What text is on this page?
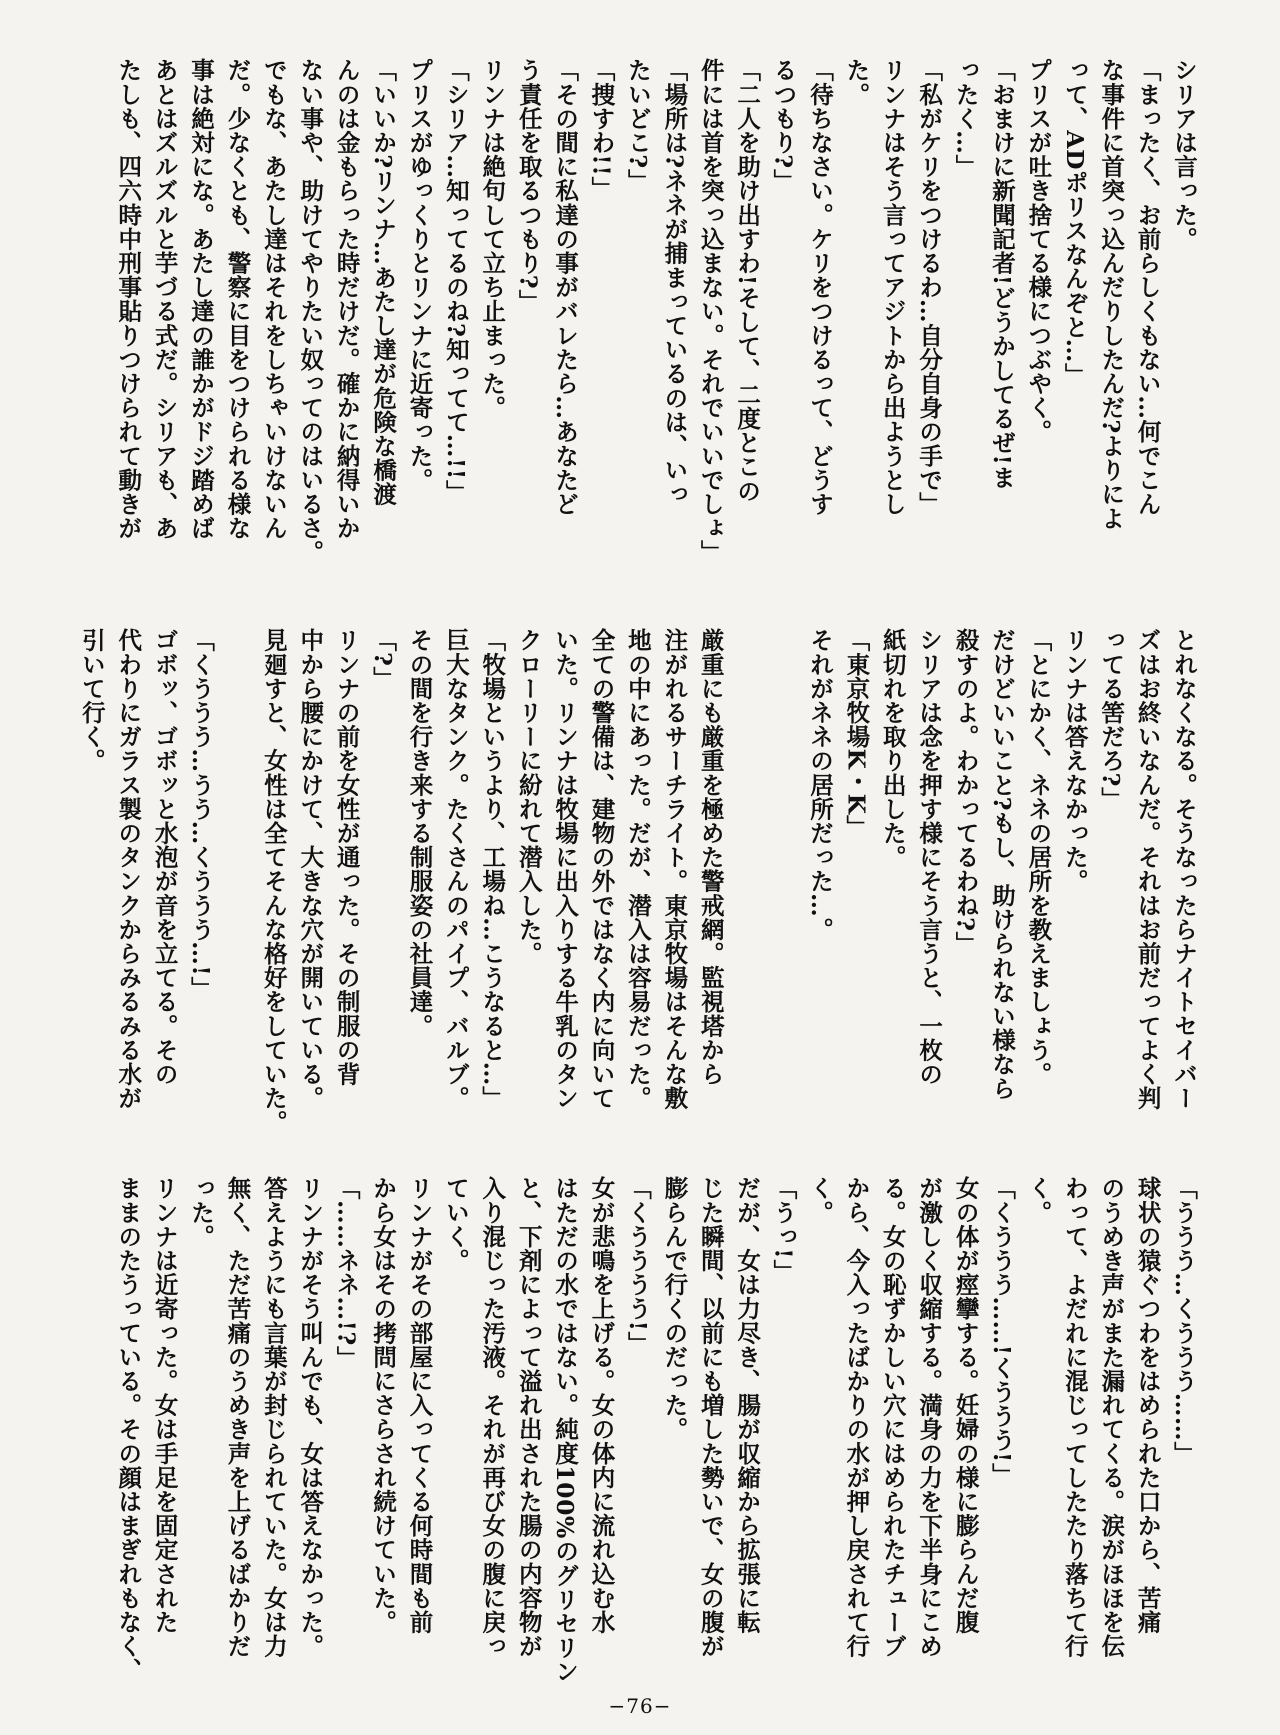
シリアは言った。
「まったく、お前らしくもない…何でこん
な事件に首突っ込んだりしたんだ?よりによ
って、ADポリスなんぞと…」
プリスが吐き捨てる様につぶやく。
「おまけに新聞記者!どうかしてるぜ!ま
ったく…」
「私がケリをつけるわ…自分自身の手で」
リンナはそう言ってアジトから出ようとし
た。
「待ちなさい。ケリをつけるって、どうす
るつもり?」
「二人を助け出すわ!そして、二度とこの
件には首を突っ込まない。それでいいでしょ」
「場所は?ネネが捕まっているのは、いっ
たいどこ?」
「捜すわ!!」
「その間に私達の事がバレたら…あなたど
う責任を取るつもり?」
リンナは絶句して立ち止まった。
「シリア…知ってるのね?知ってて…!!」
プリスがゆっくりとリンナに近寄った。
「いいか?リンナ…あたし達が危険な橋渡
んのは金もらった時だけだ。確かに納得いか
ない事や、助けてやりたい奴ってのはいるさ。
でもな、あたし達はそれをしちゃいけないん
だ。少なくとも、警察に目をつけられる様な
事は絶対にな。あたし達の誰かがドジ踏めば
あとはズルズルと芋づる式だ。シリアも、あ
たしも、四六時中刑事貼りつけられて動きが
とれなくなる。そうなったらナイトセイバー
ズはお終いなんだ。それはお前だってよく判
ってる筈だろ?」
リンナは答えなかった。
「とにかく、ネネの居所を教えましょう。
だけどいいこと?もし、助けられない様なら
殺すのよ。わかってるわね?」
シリアは念を押す様にそう言うと、一枚の
紙切れを取り出した。
「東京牧場K・K」
それがネネの居所だった…。

厳重にも厳重を極めた警戒網。監視塔から
注がれるサーチライト。東京牧場はそんな敷
地の中にあった。だが、潜入は容易だった。
全ての警備は、建物の外ではなく内に向いて
いた。リンナは牧場に出入りする牛乳のタン
クローリーに紛れて潜入した。
「牧場というより、工場ね…こうなると…」
巨大なタンク。たくさんのパイプ、バルブ。
その間を行き来する制服姿の社員達。
「?」
リンナの前を女性が通った。その制服の背
中から腰にかけて、大きな穴が開いている。
見廻すと、女性は全てそんな格好をしていた。

「くううう…うう…くううう…!」
ゴボッ、ゴボッと水泡が音を立てる。その
代わりにガラス製のタンクからみるみる水が
引いて行く。
「ううう…くううう……」
球状の猿ぐつわをはめられた口から、苦痛
のうめき声がまた漏れてくる。涙がほほを伝
わって、よだれに混じってしたたり落ちて行
く。
「くううう……!くううう!」
女の体が痙攣する。妊婦の様に膨らんだ腹
が激しく収縮する。満身の力を下半身にこめ
る。女の恥ずかしい穴にはめられたチューブ
から、今入ったばかりの水が押し戻されて行
く。
「うっ!」
だが、女は力尽き、腸が収縮から拡張に転
じた瞬間、以前にも増した勢いで、女の腹が
膨らんで行くのだった。
「くうううう!」
女が悲鳴を上げる。女の体内に流れ込む水
はただの水ではない。純度100%のグリセリン
と、下剤によって溢れ出された腸の内容物が
入り混じった汚液。それが再び女の腹に戻っ
ていく。
リンナがその部屋に入ってくる何時間も前
から女はその拷問にさらされ続けていた。
「……ネネ…!?」
リンナがそう叫んでも、女は答えなかった。
答えようにも言葉が封じられていた。女は力
無く、ただ苦痛のうめき声を上げるばかりだ
った。
リンナは近寄った。女は手足を固定された
ままのたうっている。その顔はまぎれもなく、
−76−
